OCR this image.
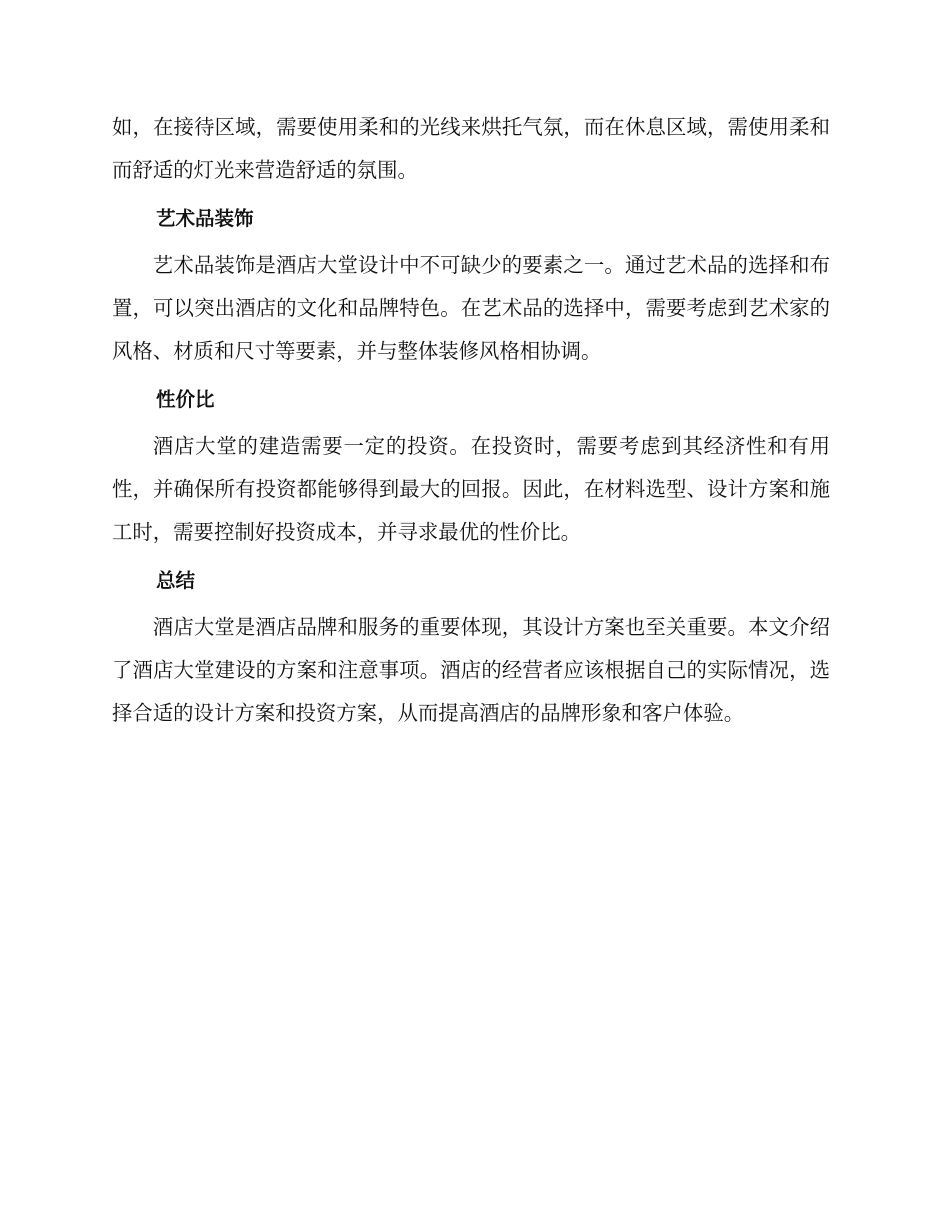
如，在接待区域，需要使用柔和的光线来烘托气氛，而在休息区域，需使用柔和而舒适的灯光来营造舒适的氛围。

艺术品装饰

艺术品装饰是酒店大堂设计中不可缺少的要素之一。通过艺术品的选择和布置，可以突出酒店的文化和品牌特色。在艺术品的选择中，需要考虑到艺术家的风格、材质和尺寸等要素，并与整体装修风格相协调。

性价比

酒店大堂的建造需要一定的投资。在投资时，需要考虑到其经济性和有用性，并确保所有投资都能够得到最大的回报。因此，在材料选型、设计方案和施工时，需要控制好投资成本，并寻求最优的性价比。

总结

酒店大堂是酒店品牌和服务的重要体现，其设计方案也至关重要。本文介绍了酒店大堂建设的方案和注意事项。酒店的经营者应该根据自己的实际情况，选择合适的设计方案和投资方案，从而提高酒店的品牌形象和客户体验。
